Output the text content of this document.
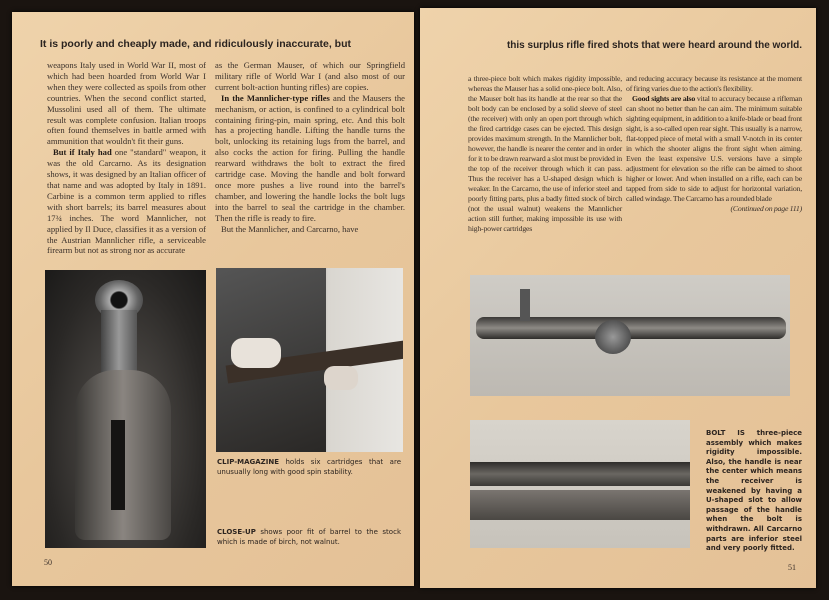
It is poorly and cheaply made, and ridiculously inaccurate, but

weapons Italy used in World War II, most of which had been hoarded from World War I when they were collected as spoils from other countries. When the second conflict started, Mussolini used all of them. The ultimate result was complete confusion. Italian troops often found themselves in battle armed with ammunition that wouldn't fit their guns.

But if Italy had one "standard" weapon, it was the old Carcarno. As its designation shows, it was designed by an Italian officer of that name and was adopted by Italy in 1891. Carbine is a common term applied to rifles with short barrels; its barrel measures about 17¾ inches. The word Mannlicher, not applied by Il Duce, classifies it as a version of the Austrian Mannlicher rifle, a serviceable firearm but not as strong nor as accurate

as the German Mauser, of which our Springfield military rifle of World War I (and also most of our current bolt-action hunting rifles) are copies.

In the Mannlicher-type rifles and the Mausers the mechanism, or action, is confined to a cylindrical bolt containing firing-pin, main spring, etc. And this bolt has a projecting handle. Lifting the handle turns the bolt, unlocking its retaining lugs from the barrel, and also cocks the action for firing. Pulling the handle rearward withdraws the bolt to extract the fired cartridge case. Moving the handle and bolt forward once more pushes a live round into the barrel's chamber, and lowering the handle locks the bolt lugs into the barrel to seal the cartridge in the chamber. Then the rifle is ready to fire.

But the Mannlicher, and Carcarno, have

CLIP-MAGAZINE holds six cartridges that are unusually long with good spin stability.
CLOSE-UP shows poor fit of barrel to the stock which is made of birch, not walnut.
50
this surplus rifle fired shots that were heard around the world.

a three-piece bolt which makes rigidity impossible, whereas the Mauser has a solid one-piece bolt. Also, the Mauser bolt has its handle at the rear so that the bolt body can be enclosed by a solid sleeve of steel (the receiver) with only an open port through which the fired cartridge cases can be ejected. This design provides maximum strength. In the Mannlicher bolt, however, the handle is nearer the center and in order for it to be drawn rearward a slot must be provided in the top of the receiver through which it can pass. Thus the receiver has a U-shaped design which is weaker. In the Carcarno, the use of inferior steel and poorly fitting parts, plus a badly fitted stock of birch (not the usual walnut) weakens the Mannlicher action still further, making impossible its use with high-power cartridges

and reducing accuracy because its resistance at the moment of firing varies due to the action's flexibility.

Good sights are also vital to accuracy because a rifleman can shoot no better than he can aim. The minimum suitable sighting equipment, in addition to a knife-blade or bead front sight, is a so-called open rear sight. This usually is a narrow, flat-topped piece of metal with a small V-notch in its center in which the shooter aligns the front sight when aiming. Even the least expensive U.S. versions have a simple adjustment for elevation so the rifle can be aimed to shoot higher or lower. And when installed on a rifle, each can be tapped from side to side to adjust for horizontal variation, called windage. The Carcarno has a rounded blade

(Continued on page 111)

BOLT IS three-piece assembly which makes rigidity impossible. Also, the handle is near the center which means the receiver is weakened by having a U-shaped slot to allow passage of the handle when the bolt is withdrawn. All Carcarno parts are inferior steel and very poorly fitted.
51
